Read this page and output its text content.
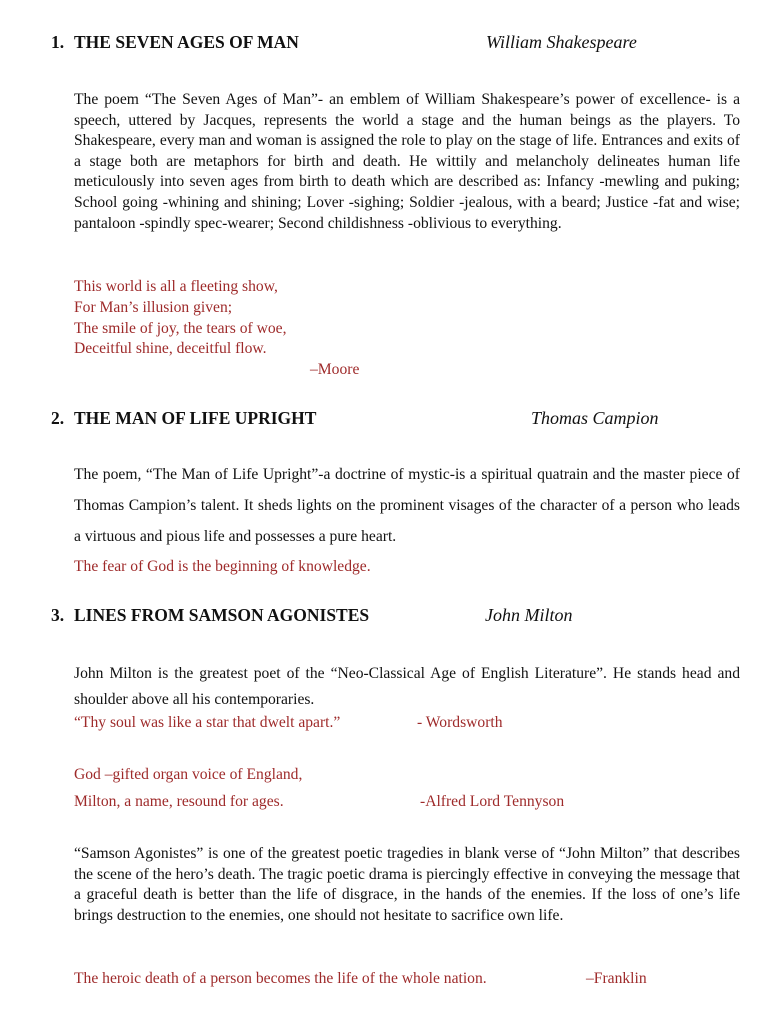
1. THE SEVEN AGES OF MAN	William Shakespeare

The poem “The Seven Ages of Man”- an emblem of William Shakespeare’s power of excellence- is a speech, uttered by Jacques, represents the world a stage and the human beings as the players. To Shakespeare, every man and woman is assigned the role to play on the stage of life. Entrances and exits of a stage both are metaphors for birth and death. He wittily and melancholy delineates human life meticulously into seven ages from birth to death which are described as: Infancy -mewling and puking; School going -whining and shining; Lover -sighing; Soldier -jealous, with a beard; Justice -fat and wise; pantaloon -spindly spec-wearer; Second childishness -oblivious to everything.

This world is all a fleeting show,
For Man’s illusion given;
The smile of joy, the tears of woe,
Deceitful shine, deceitful flow.
–Moore
2. THE MAN OF LIFE UPRIGHT	Thomas Campion

The poem, “The Man of Life Upright”-a doctrine of mystic-is a spiritual quatrain and the master piece of Thomas Campion’s talent. It sheds lights on the prominent visages of the character of a person who leads a virtuous and pious life and possesses a pure heart.

The fear of God is the beginning of knowledge.
3. LINES FROM SAMSON AGONISTES	John Milton

John Milton is the greatest poet of the “Neo-Classical Age of English Literature”. He stands head and shoulder above all his contemporaries.

“Thy soul was like a star that dwelt apart.”	- Wordsworth
God –gifted organ voice of England,
Milton, a name, resound for ages.	-Alfred Lord Tennyson

“Samson Agonistes” is one of the greatest poetic tragedies in blank verse of “John Milton” that describes the scene of the hero’s death. The tragic poetic drama is piercingly effective in conveying the message that a graceful death is better than the life of disgrace, in the hands of the enemies. If the loss of one’s life brings destruction to the enemies, one should not hesitate to sacrifice own life.

The heroic death of a person becomes the life of the whole nation.	–Franklin
